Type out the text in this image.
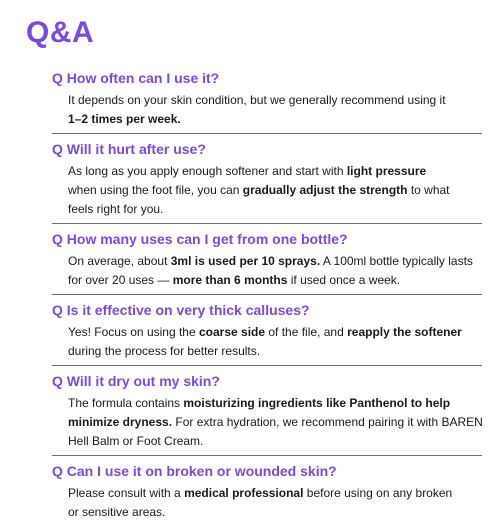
Q&A
Q How often can I use it?
It depends on your skin condition, but we generally recommend using it
1–2 times per week.
Q Will it hurt after use?
As long as you apply enough softener and start with light pressure
when using the foot file, you can gradually adjust the strength to what
feels right for you.
Q How many uses can I get from one bottle?
On average, about 3ml is used per 10 sprays. A 100ml bottle typically lasts
for over 20 uses — more than 6 months if used once a week.
Q Is it effective on very thick calluses?
Yes! Focus on using the coarse side of the file, and reapply the softener
during the process for better results.
Q Will it dry out my skin?
The formula contains moisturizing ingredients like Panthenol to help
minimize dryness. For extra hydration, we recommend pairing it with BAREN
Hell Balm or Foot Cream.
Q Can I use it on broken or wounded skin?
Please consult with a medical professional before using on any broken
or sensitive areas.
